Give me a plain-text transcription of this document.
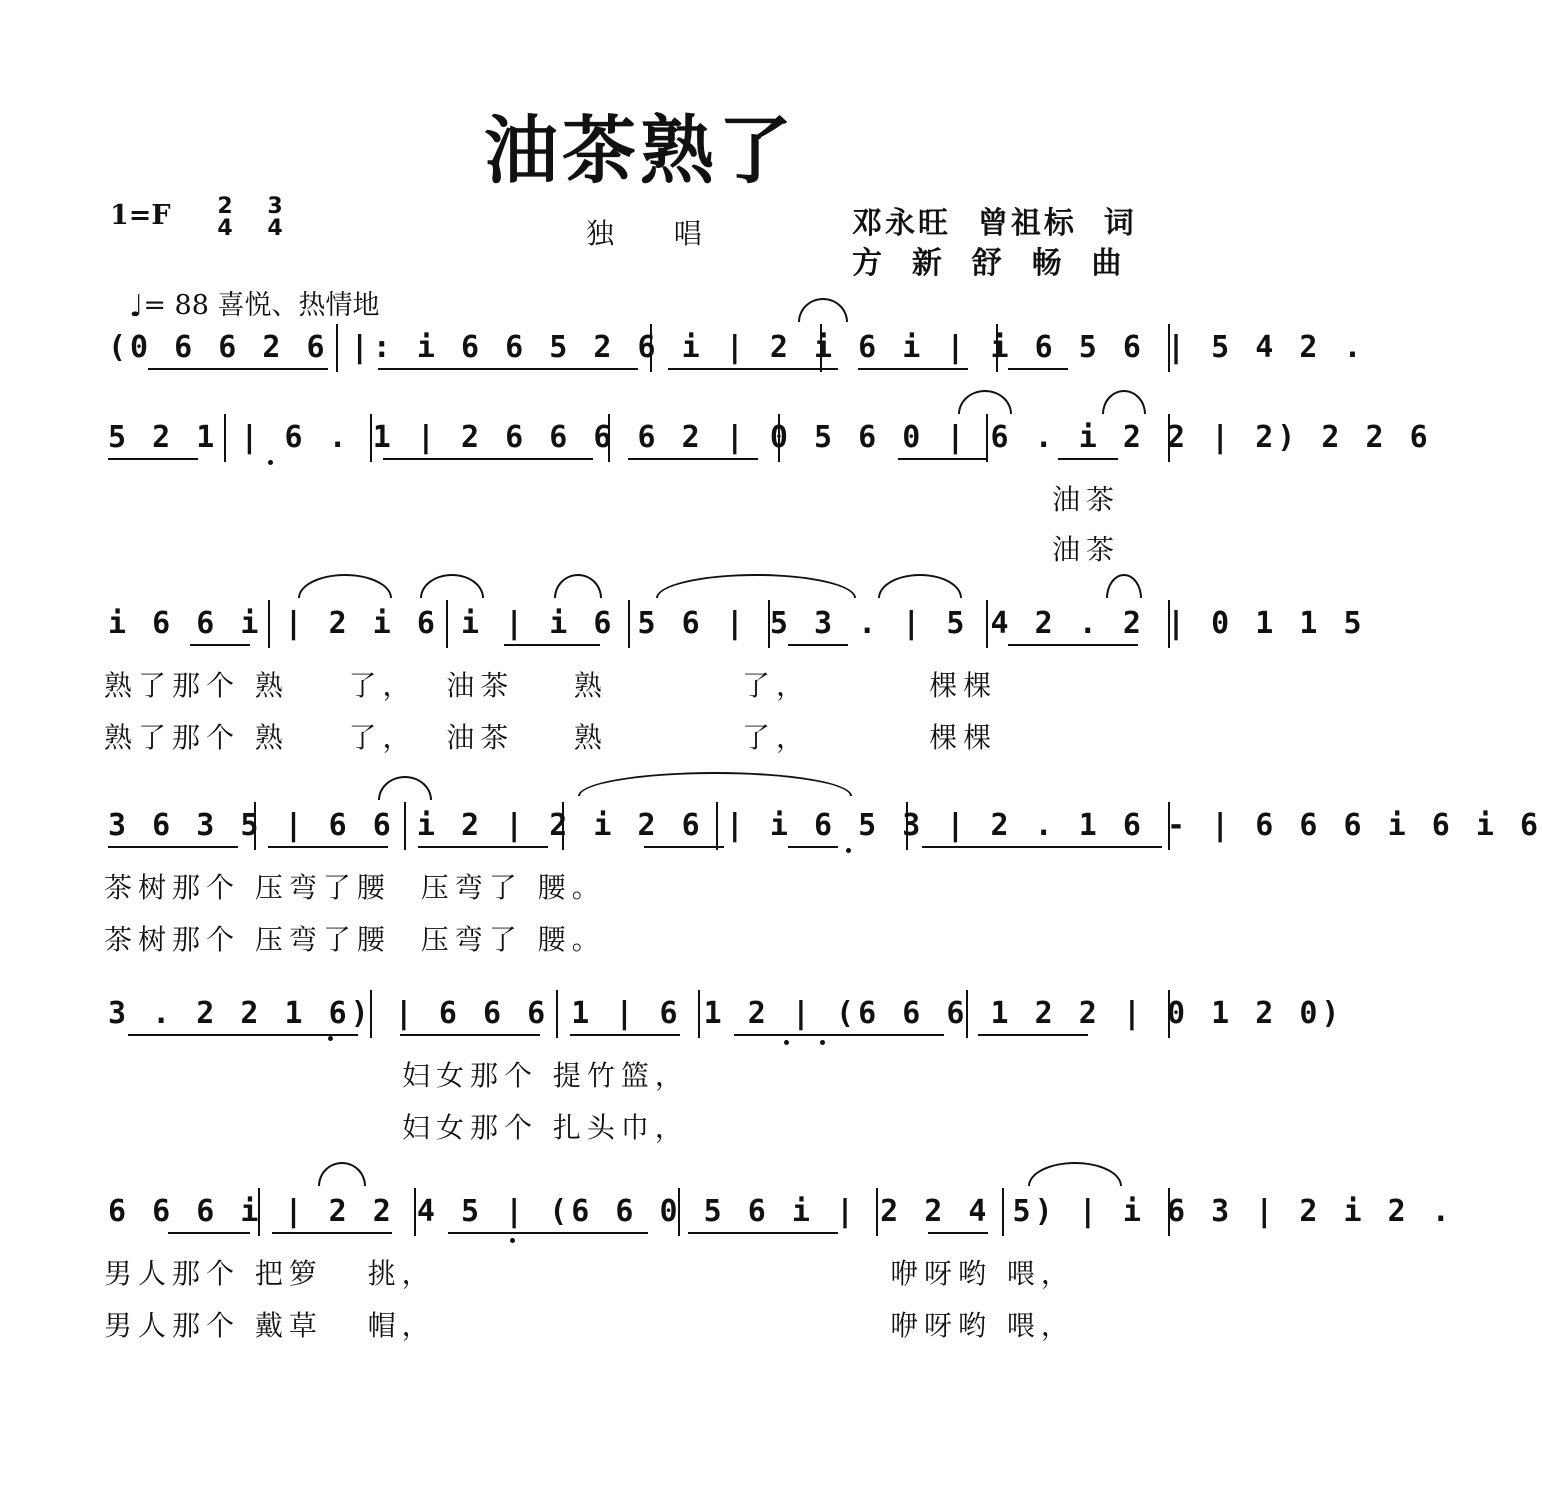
油茶熟了
1=F 2
4
3
4

♩= 88 喜悦、热情地

独  唱	邓永旺  曾祖标  词
方  新  舒  畅  曲
(0 6 6 2 6 |: i 6 6 5 2 6 i | 2 i 6 i | i 6 5 6 | 5 4 2 .
5 2 1 | 6 . 1 | 2 6 6 6 6 2 | 0 5 6 0 | 6 . i 2 2 | 2) 2 2 6
油茶
油茶
i 6 6 i | 2 i 6 i | i 6 5 6 | 5 3 . | 5 4 2 . 2 | 0 1 1 5
熟了那个 熟    了，  油茶    熟         了，        棵棵
熟了那个 熟    了，  油茶    熟         了，        棵棵
3 6 3 5 | 6 6 i 2 | 2 i 2 6 | i 6 5 3 | 2 . 1 6 - | 6 6 6 i 6 i 6
茶树那个 压弯了腰  压弯了 腰。
茶树那个 压弯了腰  压弯了 腰。
3 . 2 2 1 6) | 6 6 6 1 | 6 1 2 | (6 6 6 1 2 2 | 0 1 2 0)
妇女那个 提竹篮，
妇女那个 扎头巾，
6 6 6 i | 2 2 4 5 | (6 6 0 5 6 i | 2 2 4 5) | i 6 3 | 2 i 2 .
男人那个 把箩   挑，
男人那个 戴草   帽，
咿呀哟 喂，
咿呀哟 喂，
